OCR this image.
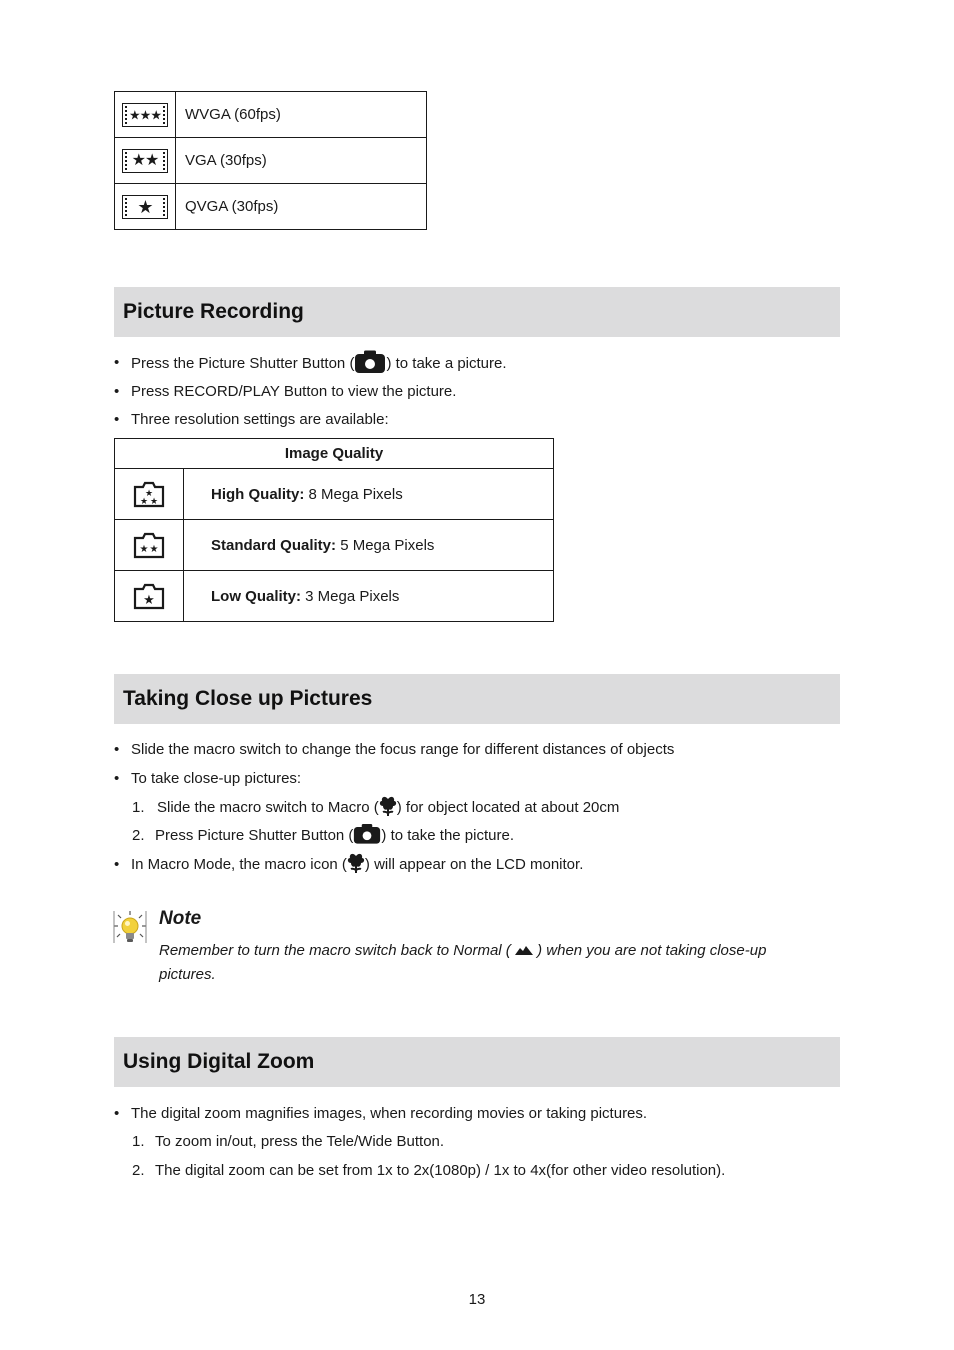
★★★	WVGA (60fps)

★★	VGA (30fps)

★	QVGA (30fps)
Picture Recording
• Press the Picture Shutter Button ( ) to take a picture.
• Press RECORD/PLAY Button to view the picture.
• Three resolution settings are available:
Image Quality	

★
★ ★	High Quality: 8 Mega Pixels

★ ★	Standard Quality: 5 Mega Pixels

★	Low Quality: 3 Mega Pixels
Taking Close up Pictures
• Slide the macro switch to change the focus range for different distances of objects
• To take close-up pictures:
1. Slide the macro switch to Macro ( ) for object located at about 20cm
2. Press Picture Shutter Button ( ) to take the picture.
• In Macro Mode, the macro icon ( ) will appear on the LCD monitor.
Note
Remember to turn the macro switch back to Normal (  ) when you are not taking close-up pictures.
Using Digital Zoom
• The digital zoom magnifies images, when recording movies or taking pictures.
1. To zoom in/out, press the Tele/Wide Button.
2. The digital zoom can be set from 1x to 2x(1080p) / 1x to 4x(for other video resolution).
13
